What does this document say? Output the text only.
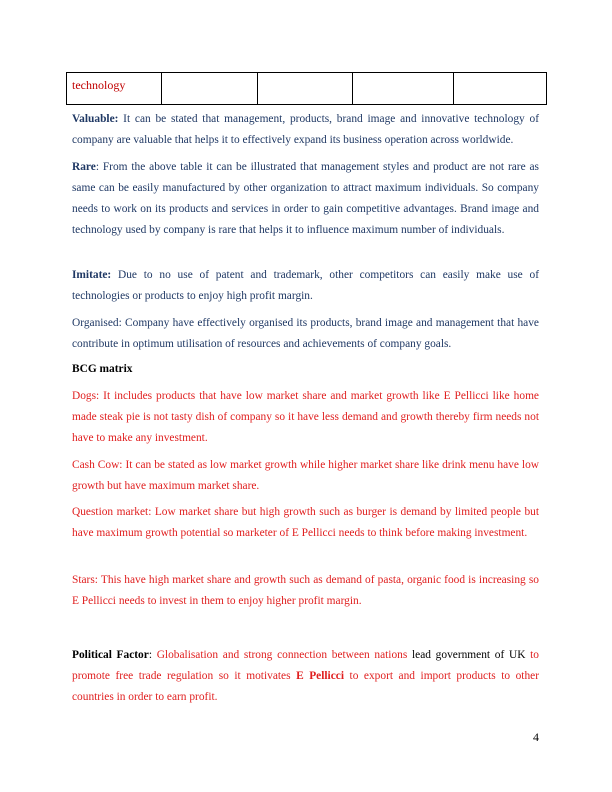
technology				

Valuable: It can be stated that management, products, brand image and innovative technology of company are valuable that helps it to effectively expand its business operation across worldwide.

Rare: From the above table it can be illustrated that management styles and product are not rare as same can be easily manufactured by other organization to attract maximum individuals. So company needs to work on its products and services in order to gain competitive advantages. Brand image and technology used by company is rare that helps it to influence maximum number of individuals.

Imitate: Due to no use of patent and trademark, other competitors can easily make use of technologies or products to enjoy high profit margin.

Organised: Company have effectively organised its products, brand image and management that have contribute in optimum utilisation of resources and achievements of company goals.

BCG matrix

Dogs: It includes products that have low market share and market growth like E Pellicci like home made steak pie is not tasty dish of company so it have less demand and growth thereby firm needs not have to make any investment.

Cash Cow: It can be stated as low market growth while higher market share like drink menu have low growth but have maximum market share.

Question market: Low market share but high growth such as burger is demand by limited people but have maximum growth potential so marketer of E Pellicci needs to think before making investment.

Stars: This have high market share and growth such as demand of pasta, organic food is increasing so E Pellicci needs to invest in them to enjoy higher profit margin.

Political Factor: Globalisation and strong connection between nations lead government of UK to promote free trade regulation so it motivates E Pellicci to export and import products to other countries in order to earn profit.

4
